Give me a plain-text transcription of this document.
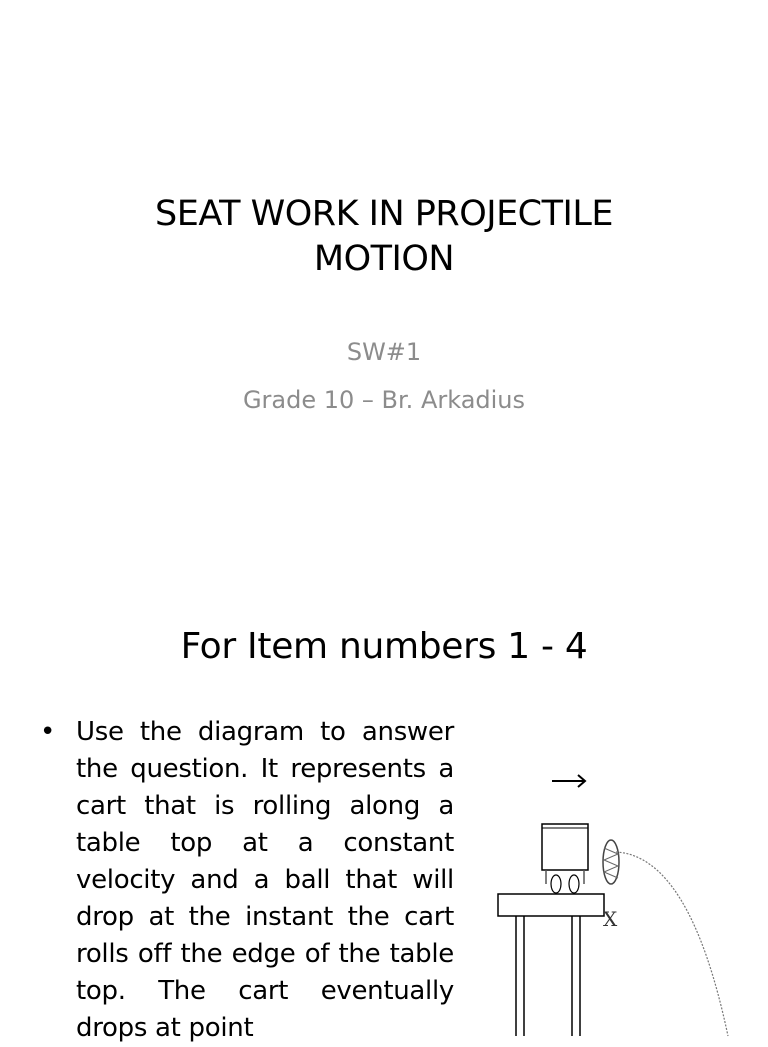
SEAT WORK IN PROJECTILE
MOTION
SW#1
Grade 10 – Br. Arkadius
For Item numbers 1 - 4
• Use the diagram to answer the question. It represents a cart that is rolling along a table top at a constant velocity and a ball that will drop at the instant the cart rolls off the edge of the table top. The cart eventually drops at point
X
